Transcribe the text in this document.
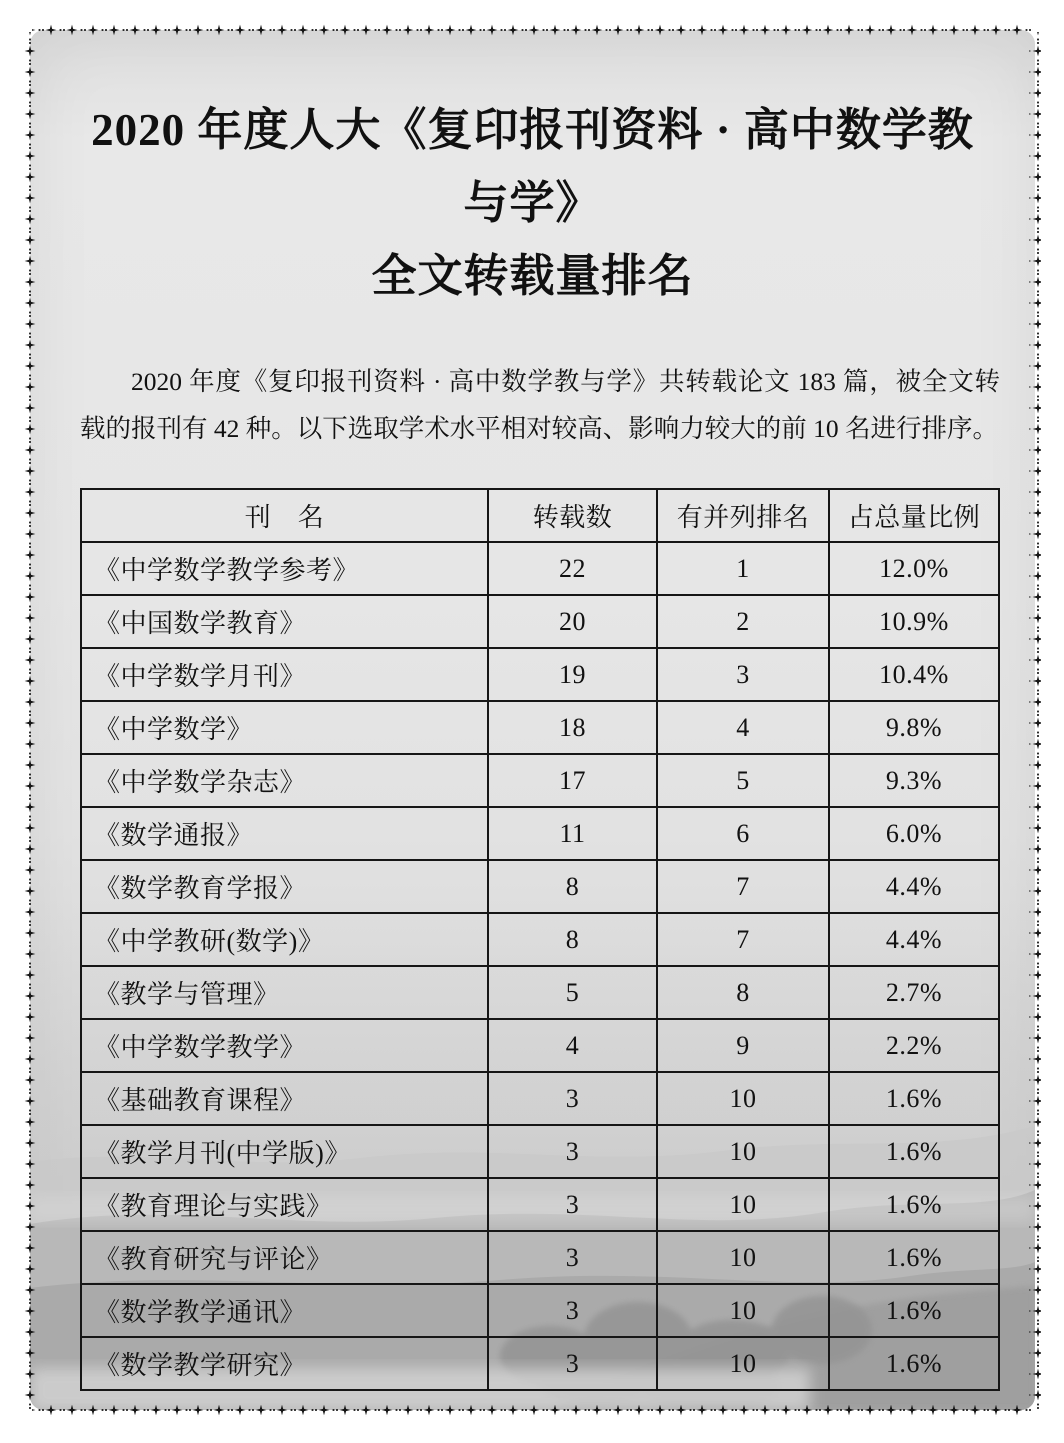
2020 年度人大《复印报刊资料 · 高中数学教与学》
全文转载量排名

2020 年度《复印报刊资料 · 高中数学教与学》共转载论文 183 篇，被全文转载的报刊有 42 种。以下选取学术水平相对较高、影响力较大的前 10 名进行排序。

刊　名	转载数	有并列排名	占总量比例
《中学数学教学参考》	22	1	12.0%
《中国数学教育》	20	2	10.9%
《中学数学月刊》	19	3	10.4%
《中学数学》	18	4	9.8%
《中学数学杂志》	17	5	9.3%
《数学通报》	11	6	6.0%
《数学教育学报》	8	7	4.4%
《中学教研(数学)》	8	7	4.4%
《教学与管理》	5	8	2.7%
《中学数学教学》	4	9	2.2%
《基础教育课程》	3	10	1.6%
《教学月刊(中学版)》	3	10	1.6%
《教育理论与实践》	3	10	1.6%
《教育研究与评论》	3	10	1.6%
《数学教学通讯》	3	10	1.6%
《数学教学研究》	3	10	1.6%
